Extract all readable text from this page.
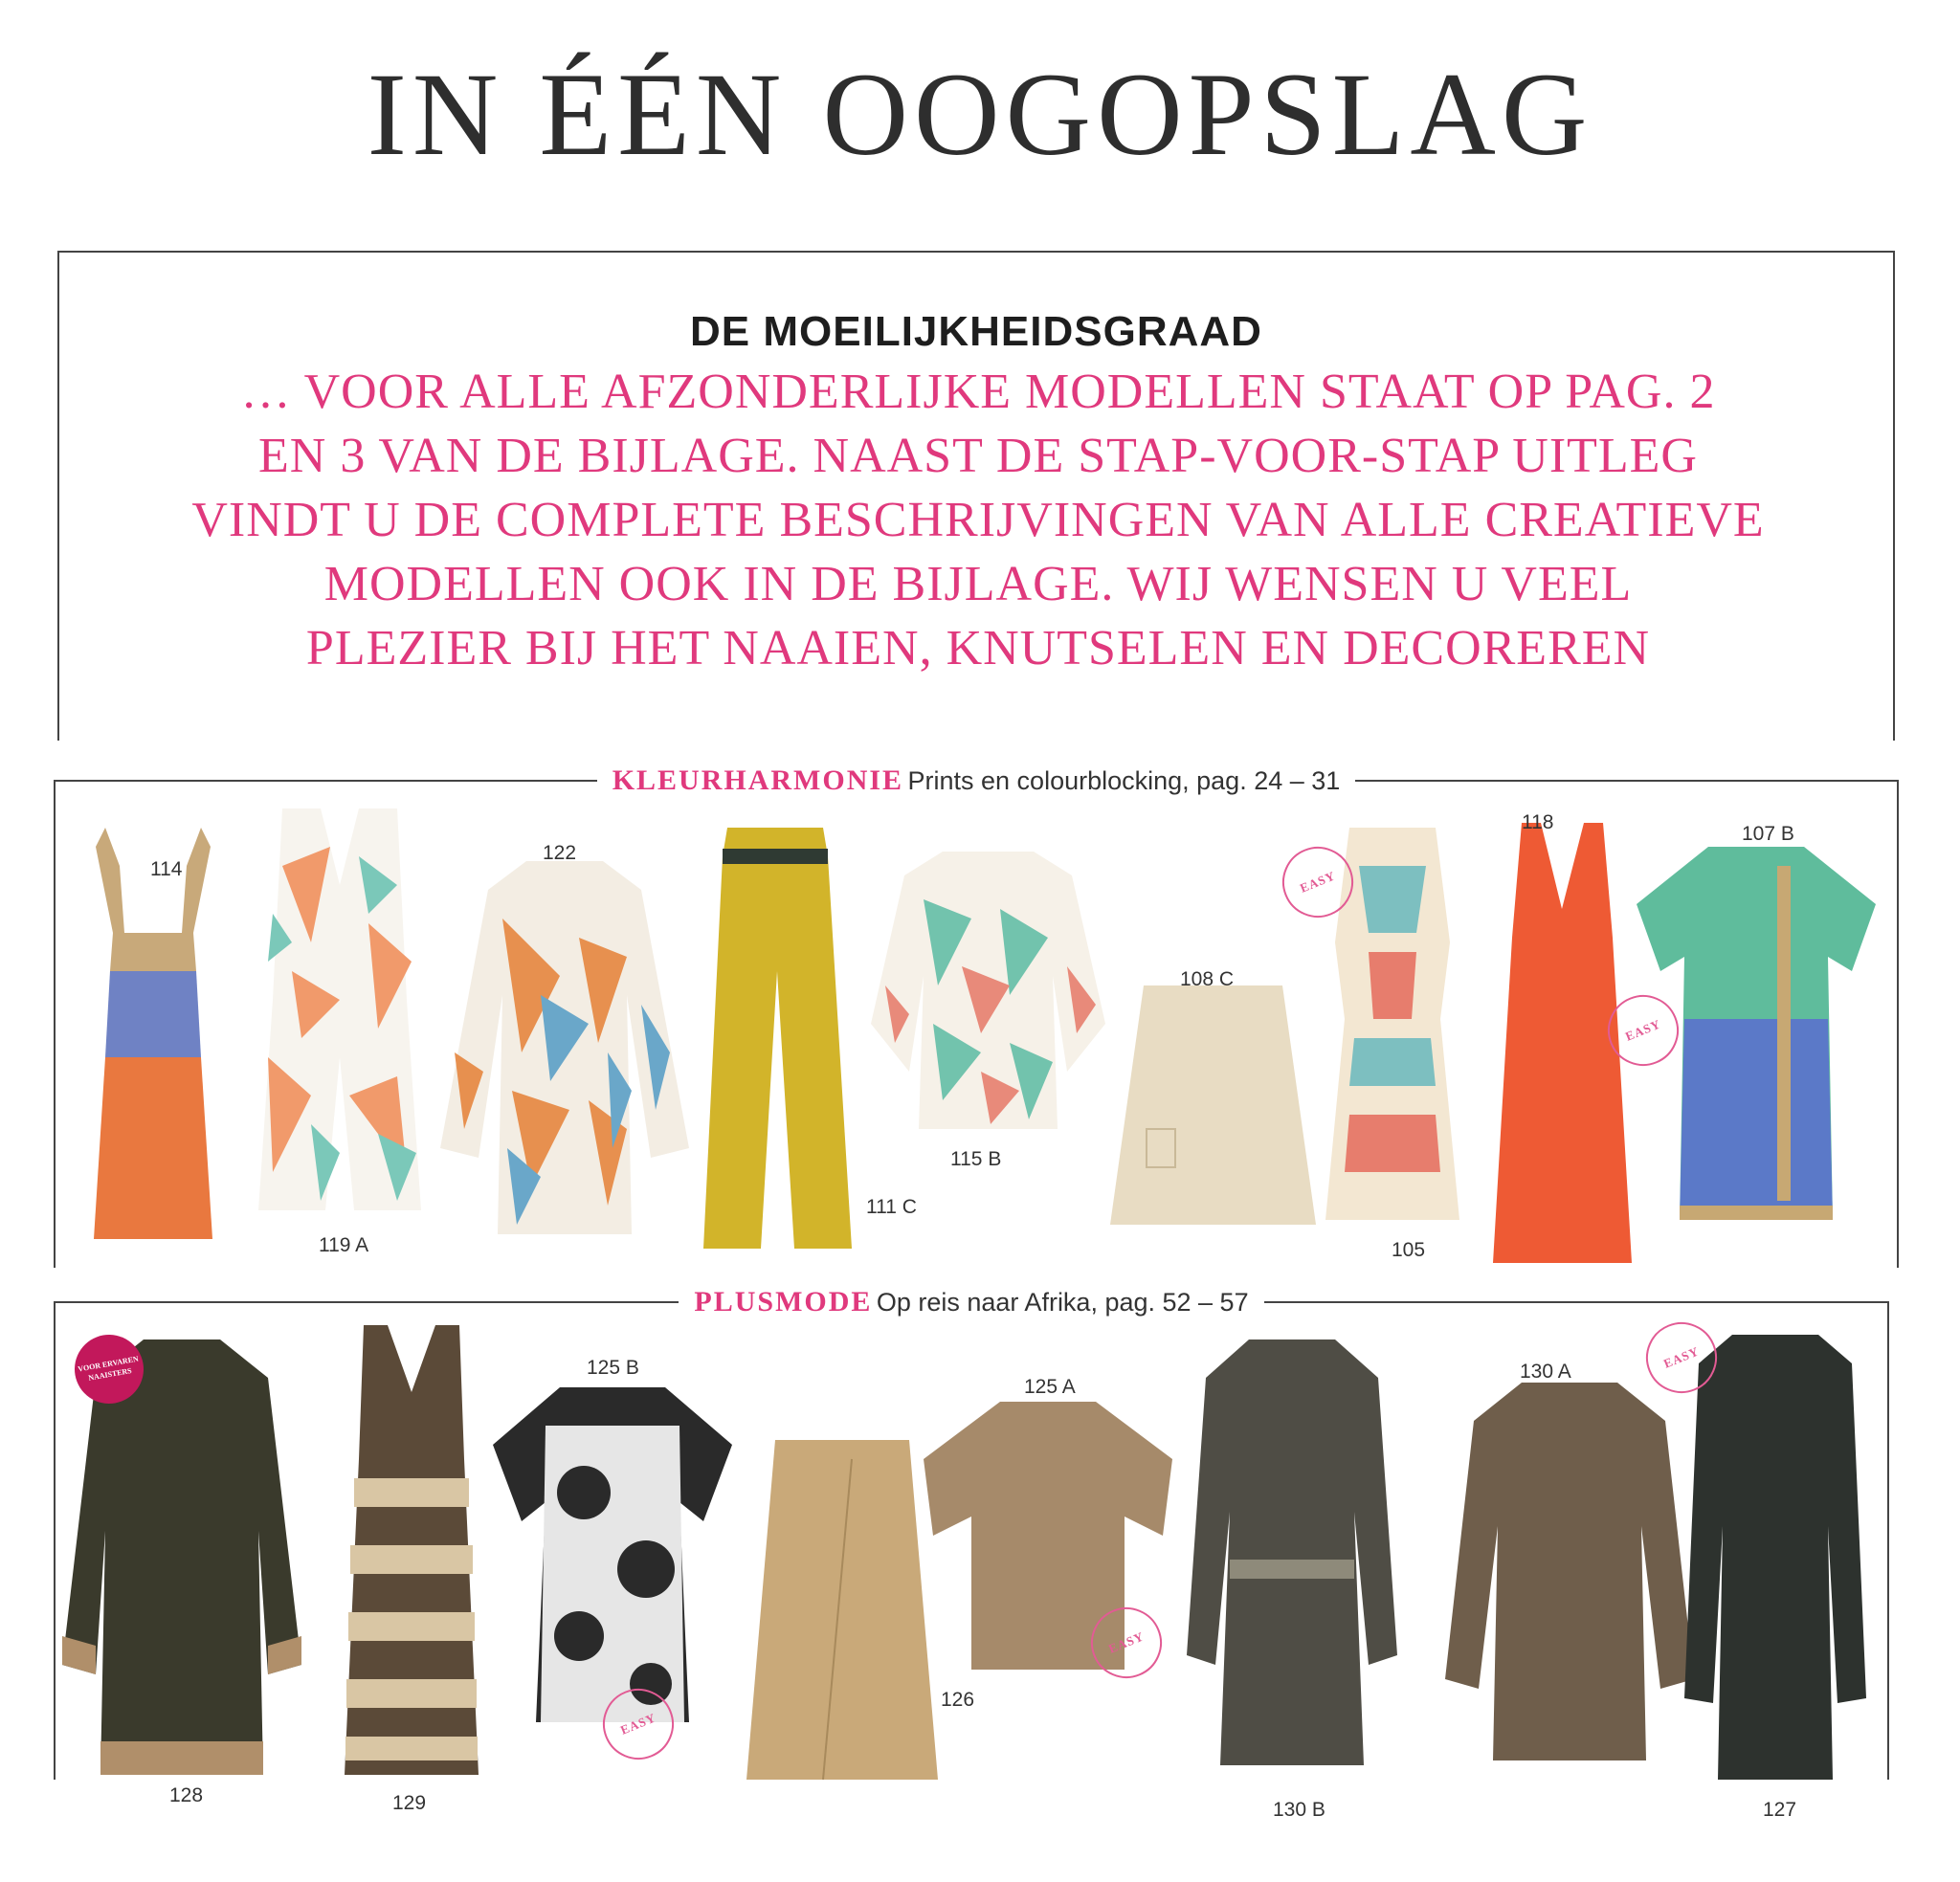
IN ÉÉN OOGOPSLAG
DE MOEILIJKHEIDSGRAAD
… VOOR ALLE AFZONDERLIJKE MODELLEN STAAT OP PAG. 2
EN 3 VAN DE BIJLAGE. NAAST DE STAP-VOOR-STAP UITLEG
VINDT U DE COMPLETE BESCHRIJVINGEN VAN ALLE CREATIEVE
MODELLEN OOK IN DE BIJLAGE. WIJ WENSEN U VEEL
PLEZIER BIJ HET NAAIEN, KNUTSELEN EN DECOREREN
KLEURHARMONIE Prints en colourblocking, pag. 24 – 31
114
119 A
122
111 C
115 B
108 C
105
EASY
118
EASY
107 B
PLUSMODE Op reis naar Afrika, pag. 52 – 57
128
VOOR ERVAREN NAAISTERS
129
125 B
EASY
126
125 A
EASY
130 B
130 A
127
EASY
